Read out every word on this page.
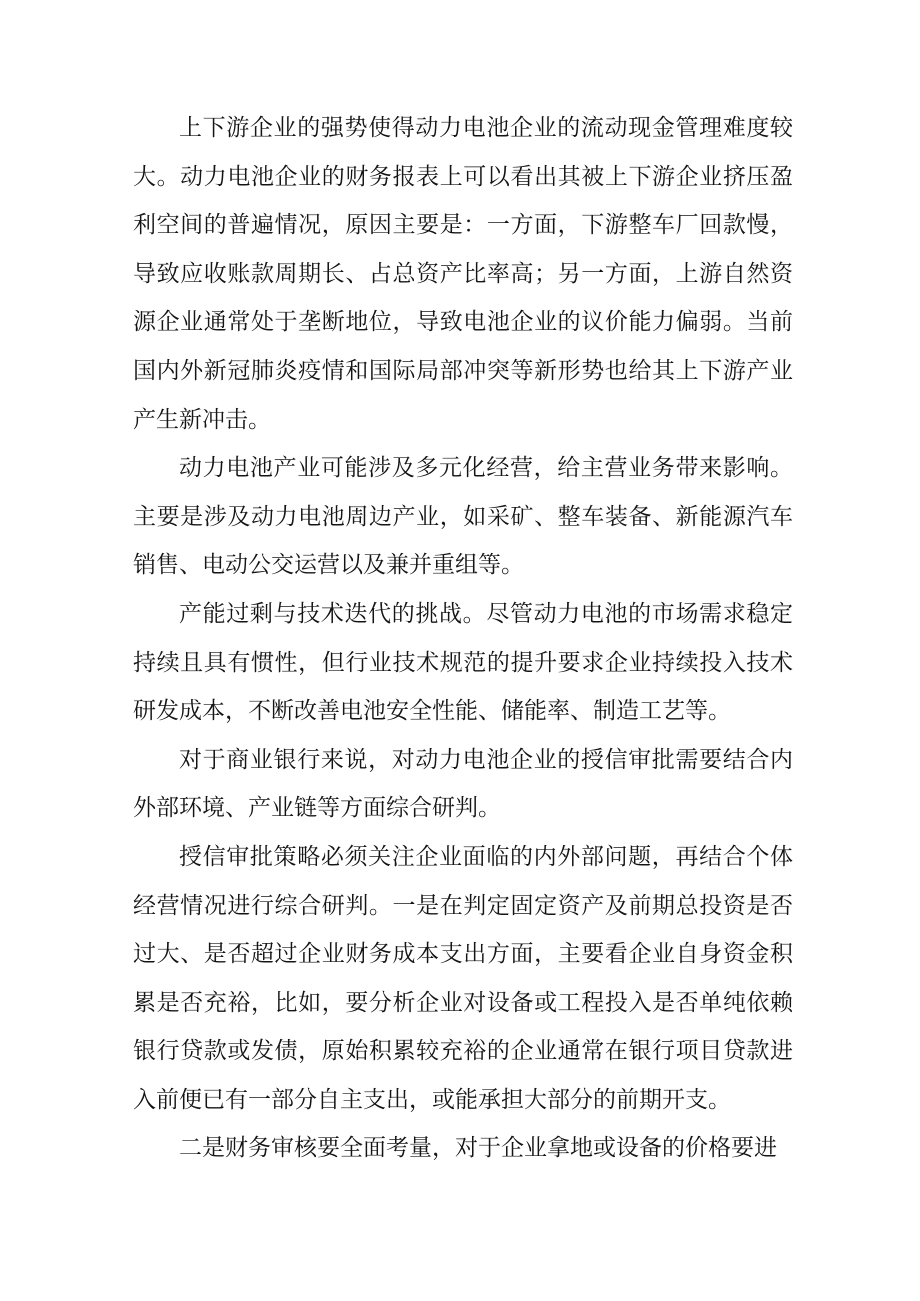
上下游企业的强势使得动力电池企业的流动现金管理难度较大。动力电池企业的财务报表上可以看出其被上下游企业挤压盈利空间的普遍情况，原因主要是：一方面，下游整车厂回款慢，导致应收账款周期长、占总资产比率高；另一方面，上游自然资源企业通常处于垄断地位，导致电池企业的议价能力偏弱。当前国内外新冠肺炎疫情和国际局部冲突等新形势也给其上下游产业产生新冲击。

动力电池产业可能涉及多元化经营，给主营业务带来影响。主要是涉及动力电池周边产业，如采矿、整车装备、新能源汽车销售、电动公交运营以及兼并重组等。

产能过剩与技术迭代的挑战。尽管动力电池的市场需求稳定持续且具有惯性，但行业技术规范的提升要求企业持续投入技术研发成本，不断改善电池安全性能、储能率、制造工艺等。

对于商业银行来说，对动力电池企业的授信审批需要结合内外部环境、产业链等方面综合研判。

授信审批策略必须关注企业面临的内外部问题，再结合个体经营情况进行综合研判。一是在判定固定资产及前期总投资是否过大、是否超过企业财务成本支出方面，主要看企业自身资金积累是否充裕，比如，要分析企业对设备或工程投入是否单纯依赖银行贷款或发债，原始积累较充裕的企业通常在银行项目贷款进入前便已有一部分自主支出，或能承担大部分的前期开支。

二是财务审核要全面考量，对于企业拿地或设备的价格要进
